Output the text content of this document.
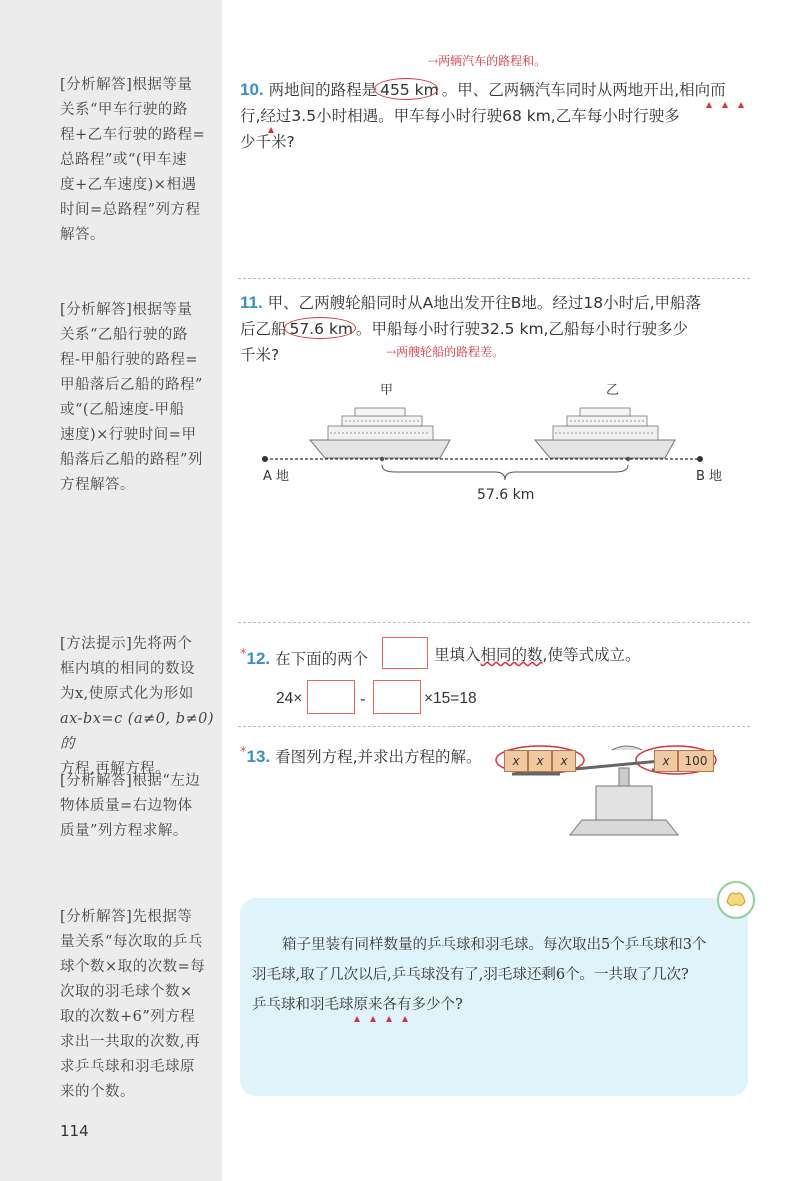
[分析解答]根据等量
关系“甲车行驶的路
程+乙车行驶的路程=
总路程”或“(甲车速
度+乙车速度)×相遇
时间=总路程”列方程
解答。
[分析解答]根据等量
关系“乙船行驶的路
程-甲船行驶的路程=
甲船落后乙船的路程”
或“(乙船速度-甲船
速度)×行驶时间=甲
船落后乙船的路程”列
方程解答。
[方法提示]先将两个
框内填的相同的数设
为x,使原式化为形如
ax-bx=c (a≠0, b≠0) 的
方程,再解方程。
[分析解答]根据“左边
物体质量=右边物体
质量”列方程求解。
[分析解答]先根据等
量关系“每次取的乒乓
球个数×取的次数=每
次取的羽毛球个数×
取的次数+6”列方程
求出一共取的次数,再
求乒乓球和羽毛球原
来的个数。
⤑两辆汽车的路程和。
10. 两地间的路程是 455 km 。甲、乙两辆汽车同时从两地开出,相向而
行,经过3.5小时相遇。甲车每小时行驶68 km,乙车每小时行驶多
少千米?
11. 甲、乙两艘轮船同时从A地出发开往B地。经过18小时后,甲船落
后乙船 57.6 km 。甲船每小时行驶32.5 km,乙船每小时行驶多少
千米?	⤑两艘轮船的路程差。
甲	乙
A 地	B 地
57.6 km
*12. 在下面的两个	里填入相同的数,使等式成立。
24×	-	×15=18
*13. 看图列方程,并求出方程的解。	x	x	x	x	100
箱子里装有同样数量的乒乓球和羽毛球。每次取出5个乒乓球和3个
羽毛球,取了几次以后,乒乓球没有了,羽毛球还剩6个。一共取了几次?
乒乓球和羽毛球原来各有多少个?
114
